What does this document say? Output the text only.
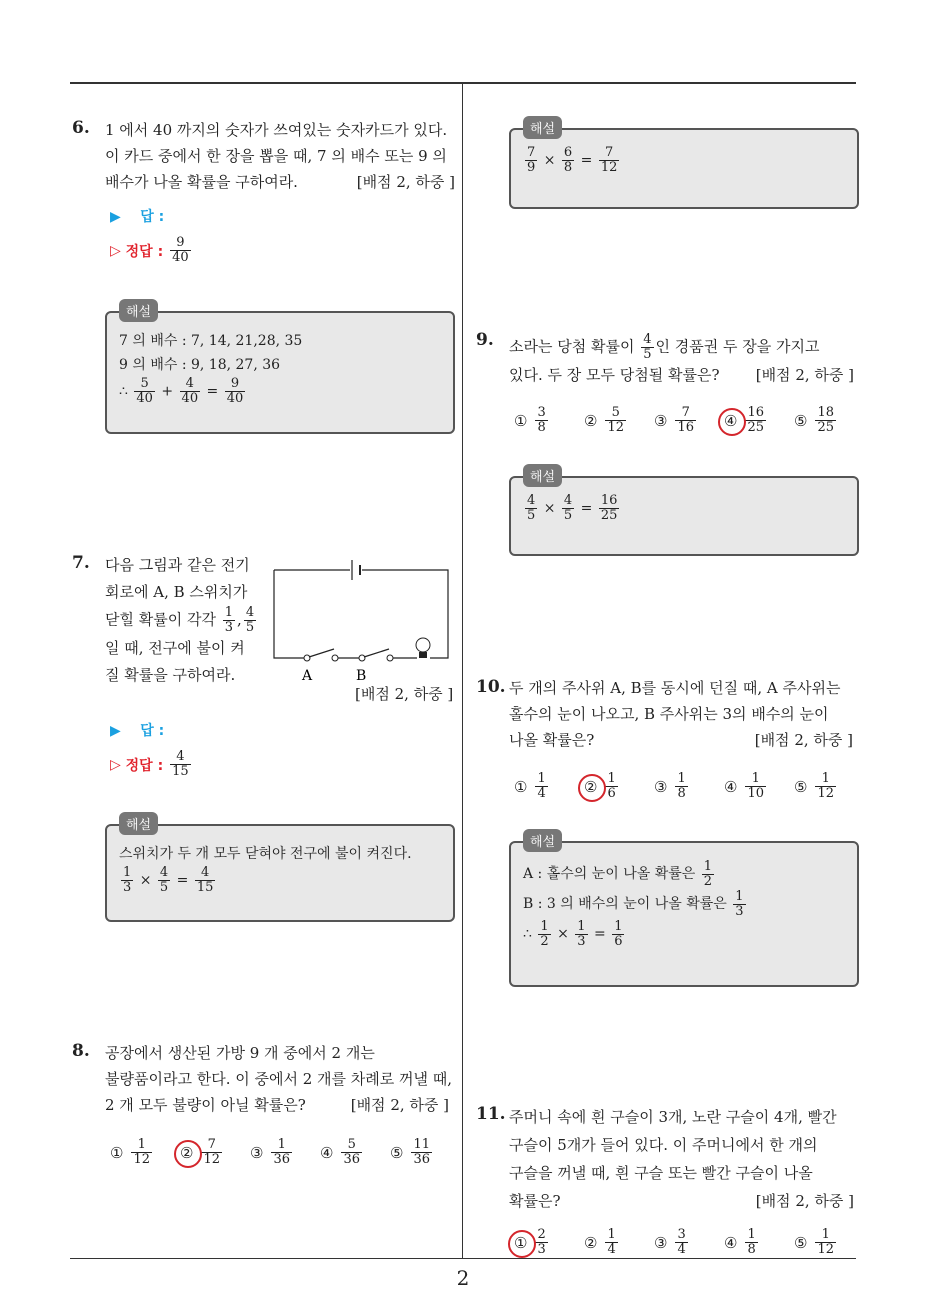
2
6. 1 에서 40 까지의 숫자가 쓰여있는 숫자카드가 있다.
이 카드 중에서 한 장을 뽑을 때, 7 의 배수 또는 9 의
배수가 나올 확률을 구하여라.	[배점 2, 하중 ]
▶ 답 :
▷
정답 :
$\frac{9}{40}$
해설
7 의 배수 : 7, 14, 21,28, 35
9 의 배수 : 9, 18, 27, 36
∴ $\frac{5}{40} + \frac{4}{40} = \frac{9}{40}$
7. 다음 그림과 같은 전기
회로에 A, B 스위치가
닫힐 확률이 각각 $\frac{1}{3}$ , $\frac{4}{5}$
일 때, 전구에 불이 켜
질 확률을 구하여라.	A	B
[배점 2, 하중 ]
▶ 답 :
▷
정답 :
$\frac{4}{15}$
해설
스위치가 두 개 모두 닫혀야 전구에 불이 켜진다.
$\frac{1}{3} \times \frac{4}{5} = \frac{4}{15}$
8. 공장에서 생산된 가방 9 개 중에서 2 개는
불량품이라고 한다. 이 중에서 2 개를 차례로 꺼낼 때,
2 개 모두 불량이 아닐 확률은?	[배점 2, 하중 ]
① $\frac{1}{12}$ ② $\frac{7}{12}$ ③ $\frac{1}{36}$ ④ $\frac{5}{36}$ ⑤ $\frac{11}{36}$
해설
$\frac{7}{9} \times \frac{6}{8} = \frac{7}{12}$
9. 소라는 당첨 확률이 $\frac{4}{5}$ 인 경품권 두 장을 가지고
있다. 두 장 모두 당첨될 확률은? [배점 2, 하중 ]
① $\frac{3}{8}$ ② $\frac{5}{12}$ ③ $\frac{7}{16}$ ④ $\frac{16}{25}$ ⑤ $\frac{18}{25}$
해설
$\frac{4}{5} \times \frac{4}{5} = \frac{16}{25}$
10. 두 개의 주사위 A, B를 동시에 던질 때, A 주사위는
홀수의 눈이 나오고, B 주사위는 3의 배수의 눈이
나올 확률은?	[배점 2, 하중 ]
① $\frac{1}{4}$ ② $\frac{1}{6}$ ③ $\frac{1}{8}$ ④ $\frac{1}{10}$ ⑤ $\frac{1}{12}$
해설
A : 홀수의 눈이 나올 확률은 $\frac{1}{2}$
B : 3 의 배수의 눈이 나올 확률은 $\frac{1}{3}$
∴ $\frac{1}{2} \times \frac{1}{3} = \frac{1}{6}$
11. 주머니 속에 흰 구슬이 3개, 노란 구슬이 4개, 빨간
구슬이 5개가 들어 있다. 이 주머니에서 한 개의
구슬을 꺼낼 때, 흰 구슬 또는 빨간 구슬이 나올
확률은?	[배점 2, 하중 ]
① $\frac{2}{3}$ ② $\frac{1}{4}$ ③ $\frac{3}{4}$ ④ $\frac{1}{8}$ ⑤ $\frac{1}{12}$
